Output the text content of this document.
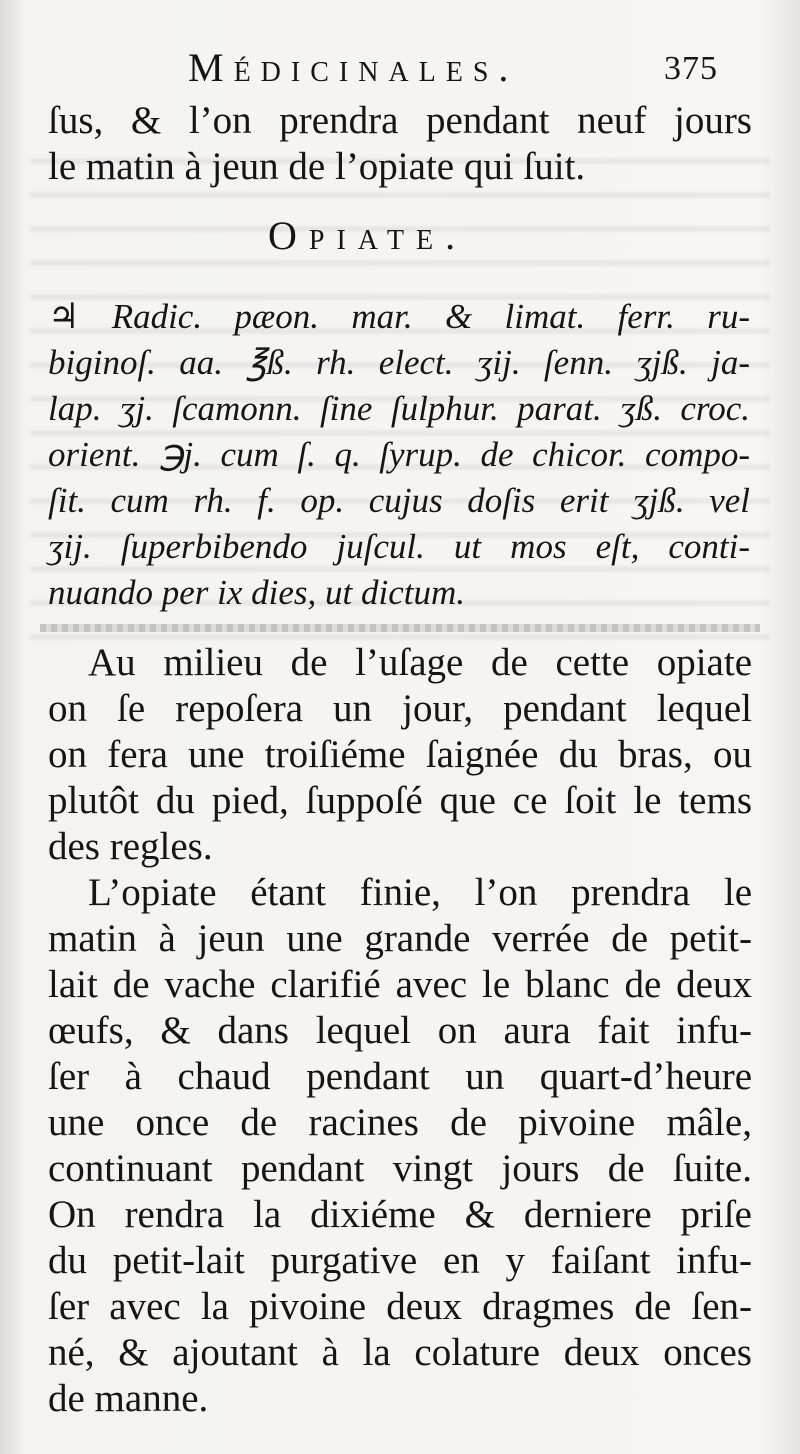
Médicinales.	375
ſus, & l’on prendra pendant neuf jours
le matin à jeun de l’opiate qui ſuit.
Opiate.
♃ Radic. pæon. mar. & limat. ferr. ru-
biginoſ. aa. ℥ß. rh. elect. ʒij. ſenn. ʒjß. ja-
lap. ʒj. ſcamonn. ſine ſulphur. parat. ʒß. croc.
orient. ℈j. cum ſ. q. ſyrup. de chicor. compo-
ſit. cum rh. f. op. cujus doſis erit ʒjß. vel
ʒij. ſuperbibendo juſcul. ut mos eſt, conti-
nuando per ix dies, ut dictum.
Au milieu de l’uſage de cette opiate
on ſe repoſera un jour, pendant lequel
on fera une troiſiéme ſaignée du bras, ou
plutôt du pied, ſuppoſé que ce ſoit le tems
des regles.
L’opiate étant finie, l’on prendra le
matin à jeun une grande verrée de petit-
lait de vache clarifié avec le blanc de deux
œufs, & dans lequel on aura fait infu-
ſer à chaud pendant un quart-d’heure
une once de racines de pivoine mâle,
continuant pendant vingt jours de ſuite.
On rendra la dixiéme & derniere priſe
du petit-lait purgative en y faiſant infu-
ſer avec la pivoine deux dragmes de ſen-
né, & ajoutant à la colature deux onces
de manne.
